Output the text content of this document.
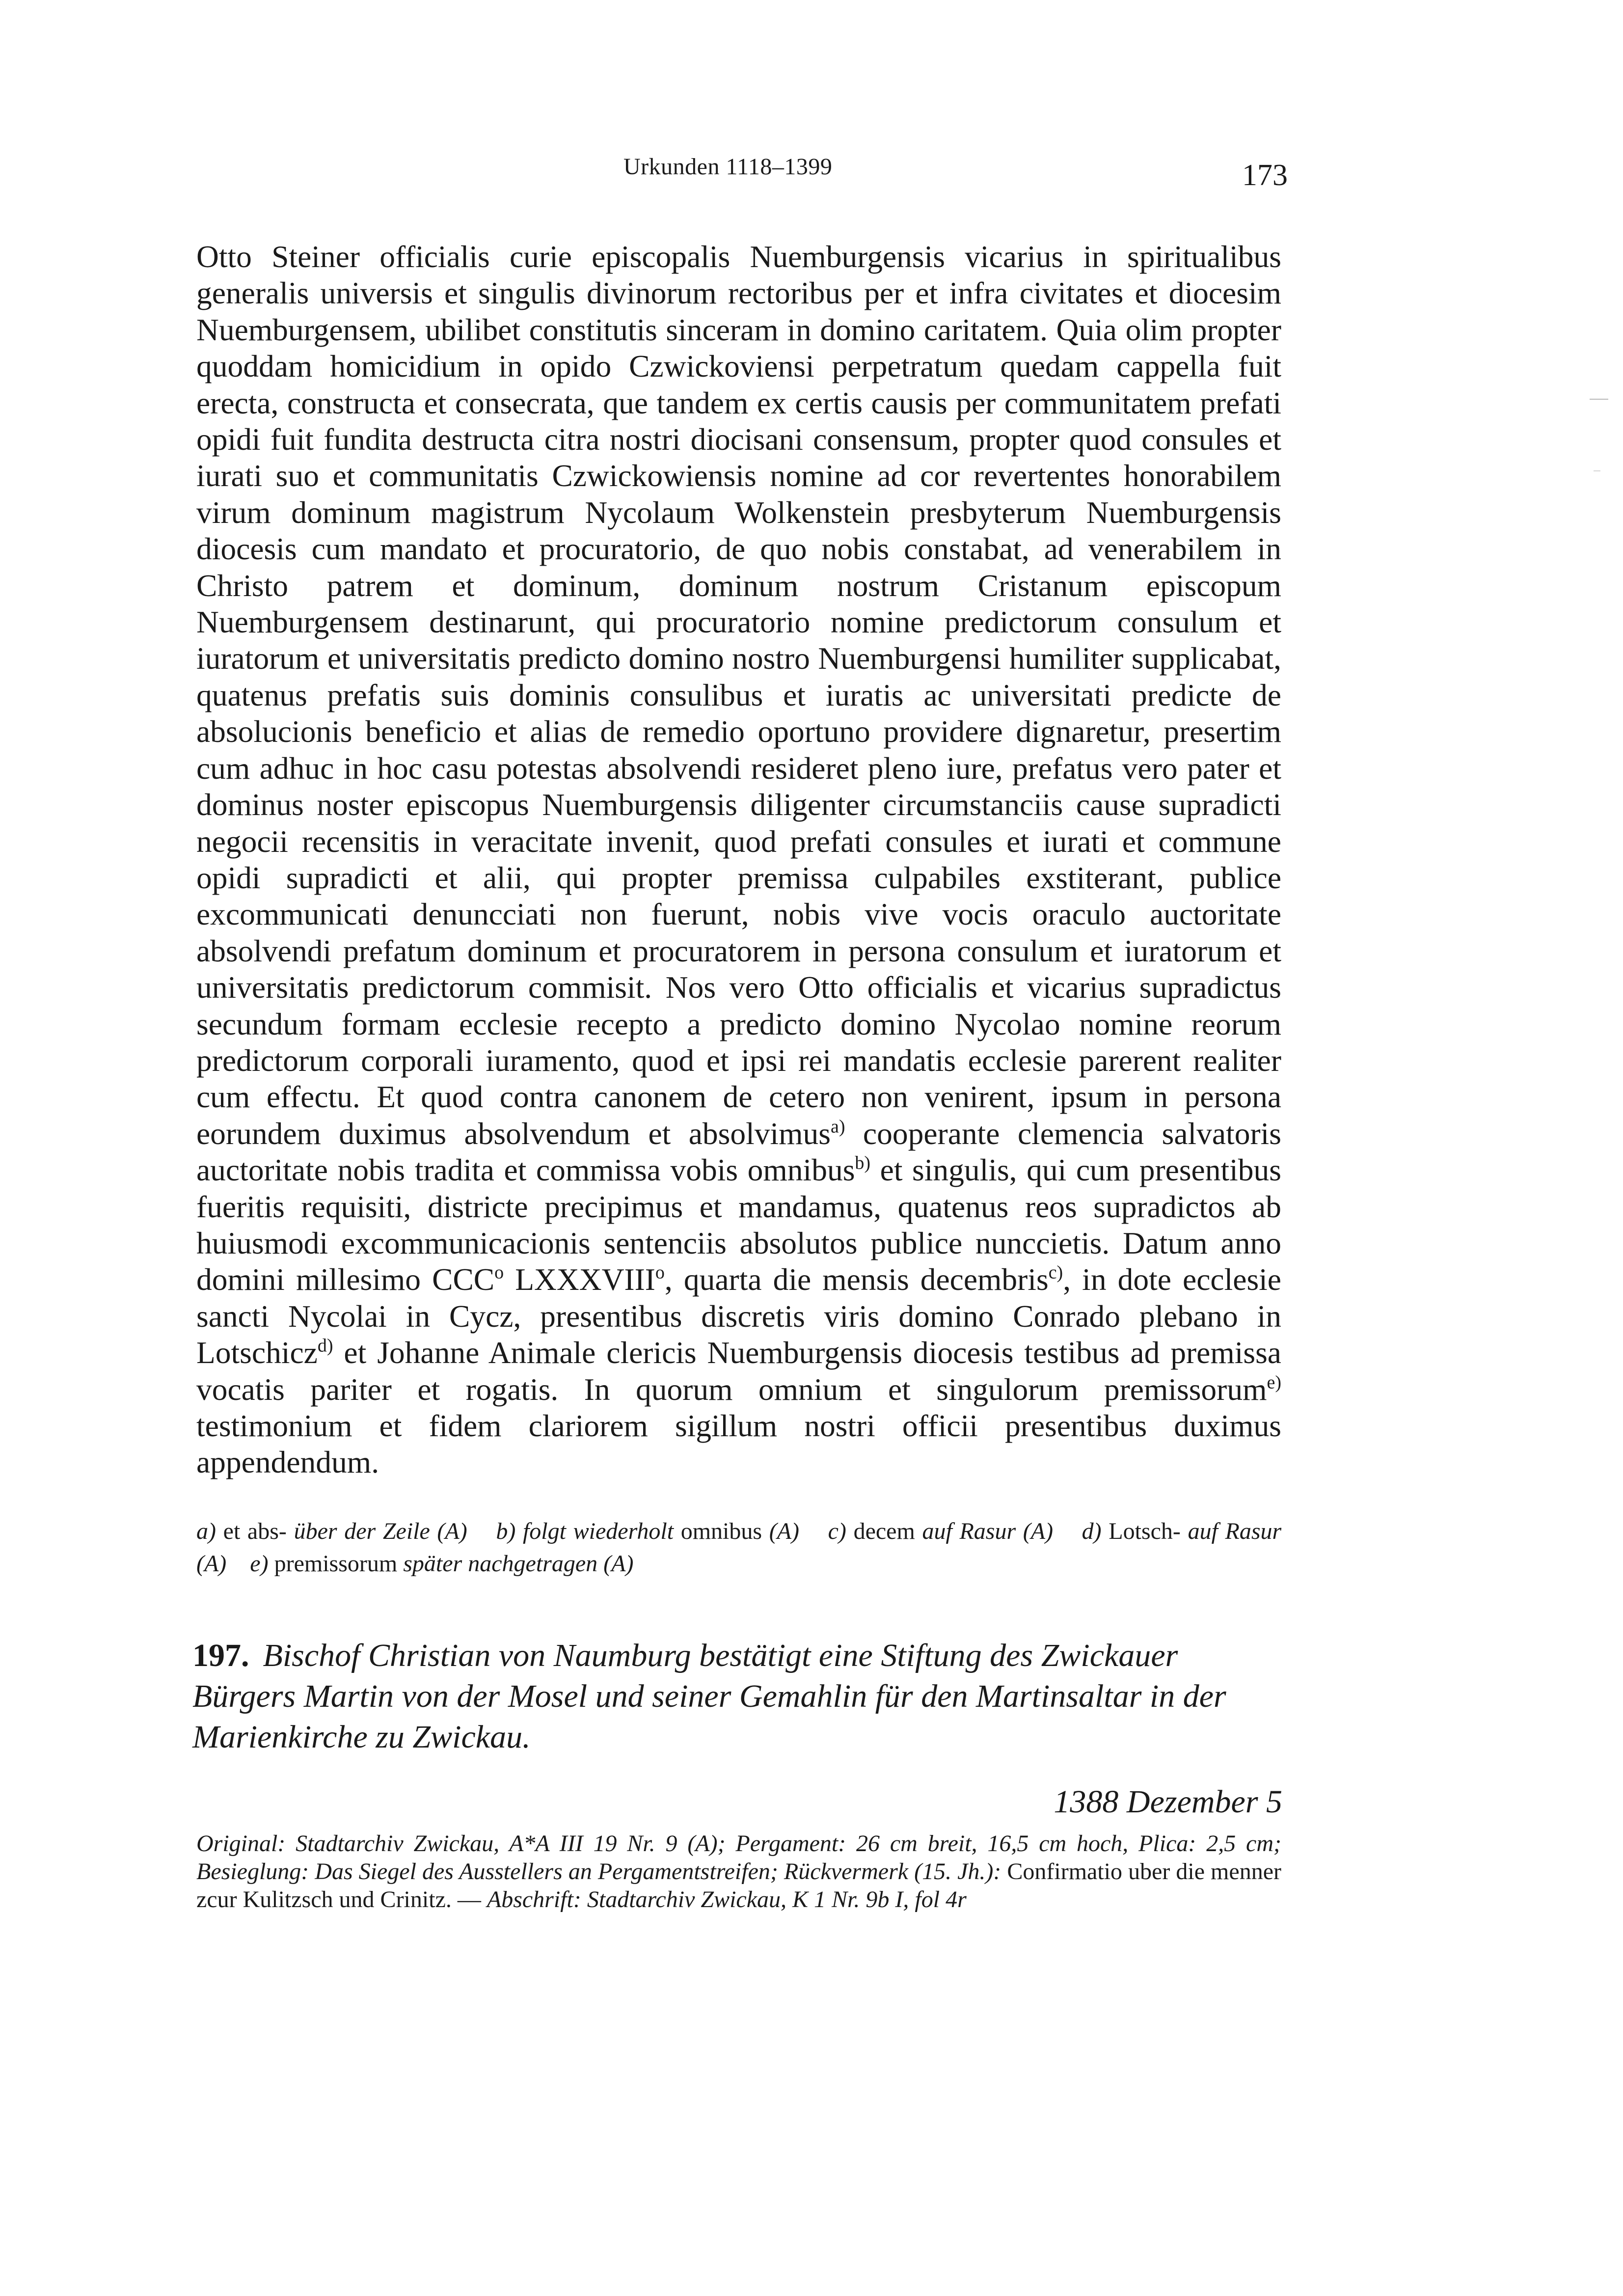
Urkunden 1118–1399	173
Otto Steiner officialis curie episcopalis Nuemburgensis vicarius in spiritualibus generalis universis et singulis divinorum rectoribus per et infra civitates et diocesim Nuemburgensem, ubilibet constitutis sinceram in domino caritatem. Quia olim propter quoddam homicidium in opido Czwickoviensi perpetratum quedam cappella fuit erecta, constructa et consecrata, que tandem ex certis causis per communitatem prefati opidi fuit fundita destructa citra nostri diocisani consensum, propter quod consules et iurati suo et communitatis Czwickowiensis nomine ad cor revertentes honorabilem virum dominum magistrum Nycolaum Wolkenstein presbyterum Nuemburgensis diocesis cum mandato et procuratorio, de quo nobis constabat, ad venerabilem in Christo patrem et dominum, dominum nostrum Cristanum episcopum Nuemburgensem destinarunt, qui procuratorio nomine predictorum consulum et iuratorum et universitatis predicto domino nostro Nuemburgensi humiliter supplicabat, quatenus prefatis suis dominis consulibus et iuratis ac universitati predicte de absolucionis beneficio et alias de remedio oportuno providere dignaretur, presertim cum adhuc in hoc casu potestas absolvendi resideret pleno iure, prefatus vero pater et dominus noster episcopus Nuemburgensis diligenter circumstanciis cause supradicti negocii recensitis in veracitate invenit, quod prefati consules et iurati et commune opidi supradicti et alii, qui propter premissa culpabiles exstiterant, publice excommunicati denuncciati non fuerunt, nobis vive vocis oraculo auctoritate absolvendi prefatum dominum et procuratorem in persona consulum et iuratorum et universitatis predictorum commisit. Nos vero Otto officialis et vicarius supradictus secundum formam ecclesie recepto a predicto domino Nycolao nomine reorum predictorum corporali iuramento, quod et ipsi rei mandatis ecclesie parerent realiter cum effectu. Et quod contra canonem de cetero non venirent, ipsum in persona eorundem duximus absolvendum et absolvimus$^{a)}$ cooperante clemencia salvatoris auctoritate nobis tradita et commissa vobis omnibus$^{b)}$ et singulis, qui cum presentibus fueritis requisiti, districte precipimus et mandamus, quatenus reos supradictos ab huiusmodi excommunicacionis sentenciis absolutos publice nunccietis. Datum anno domini millesimo CCC$^o$ LXXXVIII$^o$, quarta die mensis decembris$^{c)}$, in dote ecclesie sancti Nycolai in Cycz, presentibus discretis viris domino Conrado plebano in Lotschicz$^{d)}$ et Johanne Animale clericis Nuemburgensis diocesis testibus ad premissa vocatis pariter et rogatis. In quorum omnium et singulorum premissorum$^{e)}$ testimonium et fidem clariorem sigillum nostri officii presentibus duximus appendendum.
a) et abs- über der Zeile (A) b) folgt wiederholt omnibus (A) c) decem auf Rasur (A) d) Lotsch- auf Rasur (A) e) premissorum später nachgetragen (A)
197. Bischof Christian von Naumburg bestätigt eine Stiftung des Zwickauer Bürgers Martin von der Mosel und seiner Gemahlin für den Martinsaltar in der Marienkirche zu Zwickau.
1388 Dezember 5
Original: Stadtarchiv Zwickau, A*A III 19 Nr. 9 (A); Pergament: 26 cm breit, 16,5 cm hoch, Plica: 2,5 cm; Besieglung: Das Siegel des Ausstellers an Pergamentstreifen; Rückvermerk (15. Jh.): Confirmatio uber die menner zcur Kulitzsch und Crinitz. — Abschrift: Stadtarchiv Zwickau, K 1 Nr. 9b I, fol 4r
